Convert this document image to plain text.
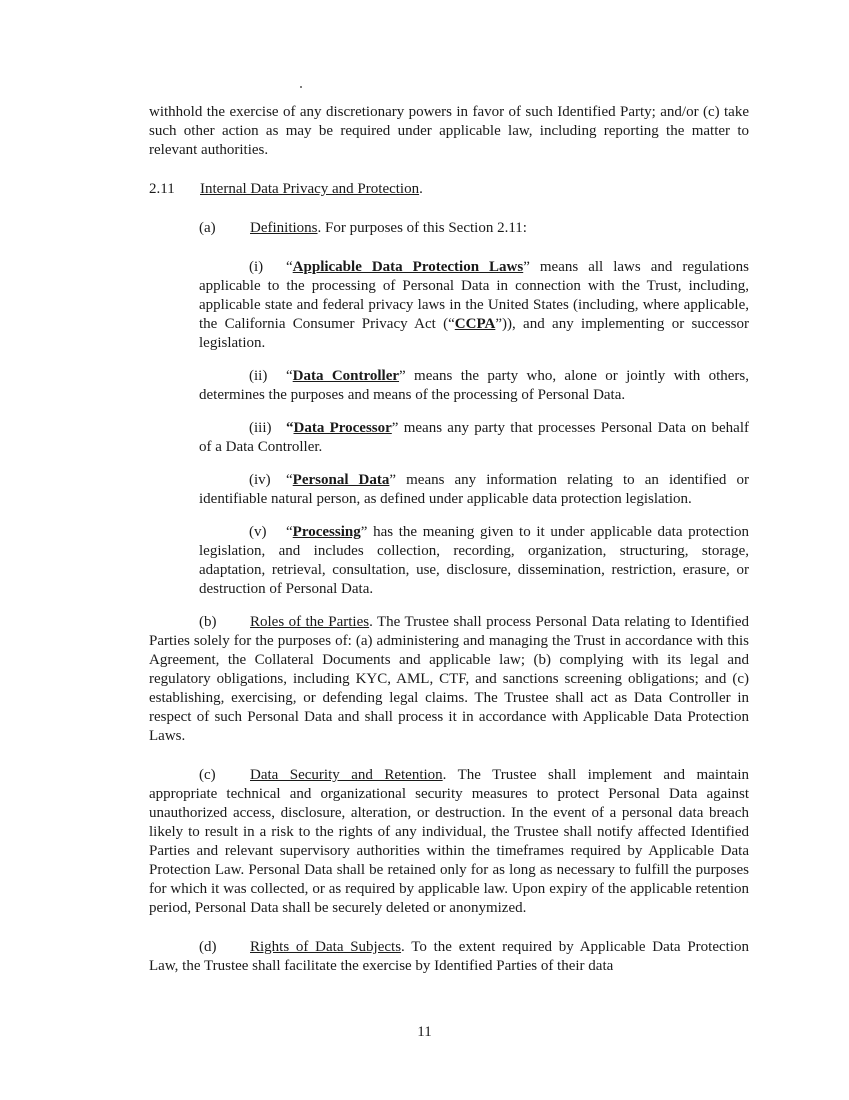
withhold the exercise of any discretionary powers in favor of such Identified Party; and/or (c) take such other action as may be required under applicable law, including reporting the matter to relevant authorities.

2.11 Internal Data Privacy and Protection.

(a) Definitions. For purposes of this Section 2.11:

(i) “Applicable Data Protection Laws” means all laws and regulations applicable to the processing of Personal Data in connection with the Trust, including, applicable state and federal privacy laws in the United States (including, where applicable, the California Consumer Privacy Act (“CCPA”)), and any implementing or successor legislation.

(ii) “Data Controller” means the party who, alone or jointly with others, determines the purposes and means of the processing of Personal Data.

(iii) “Data Processor” means any party that processes Personal Data on behalf of a Data Controller.

(iv) “Personal Data” means any information relating to an identified or identifiable natural person, as defined under applicable data protection legislation.

(v) “Processing” has the meaning given to it under applicable data protection legislation, and includes collection, recording, organization, structuring, storage, adaptation, retrieval, consultation, use, disclosure, dissemination, restriction, erasure, or destruction of Personal Data.

(b) Roles of the Parties. The Trustee shall process Personal Data relating to Identified Parties solely for the purposes of: (a) administering and managing the Trust in accordance with this Agreement, the Collateral Documents and applicable law; (b) complying with its legal and regulatory obligations, including KYC, AML, CTF, and sanctions screening obligations; and (c) establishing, exercising, or defending legal claims. The Trustee shall act as Data Controller in respect of such Personal Data and shall process it in accordance with Applicable Data Protection Laws.

(c) Data Security and Retention. The Trustee shall implement and maintain appropriate technical and organizational security measures to protect Personal Data against unauthorized access, disclosure, alteration, or destruction. In the event of a personal data breach likely to result in a risk to the rights of any individual, the Trustee shall notify affected Identified Parties and relevant supervisory authorities within the timeframes required by Applicable Data Protection Law. Personal Data shall be retained only for as long as necessary to fulfill the purposes for which it was collected, or as required by applicable law. Upon expiry of the applicable retention period, Personal Data shall be securely deleted or anonymized.

(d) Rights of Data Subjects. To the extent required by Applicable Data Protection Law, the Trustee shall facilitate the exercise by Identified Parties of their data

11
